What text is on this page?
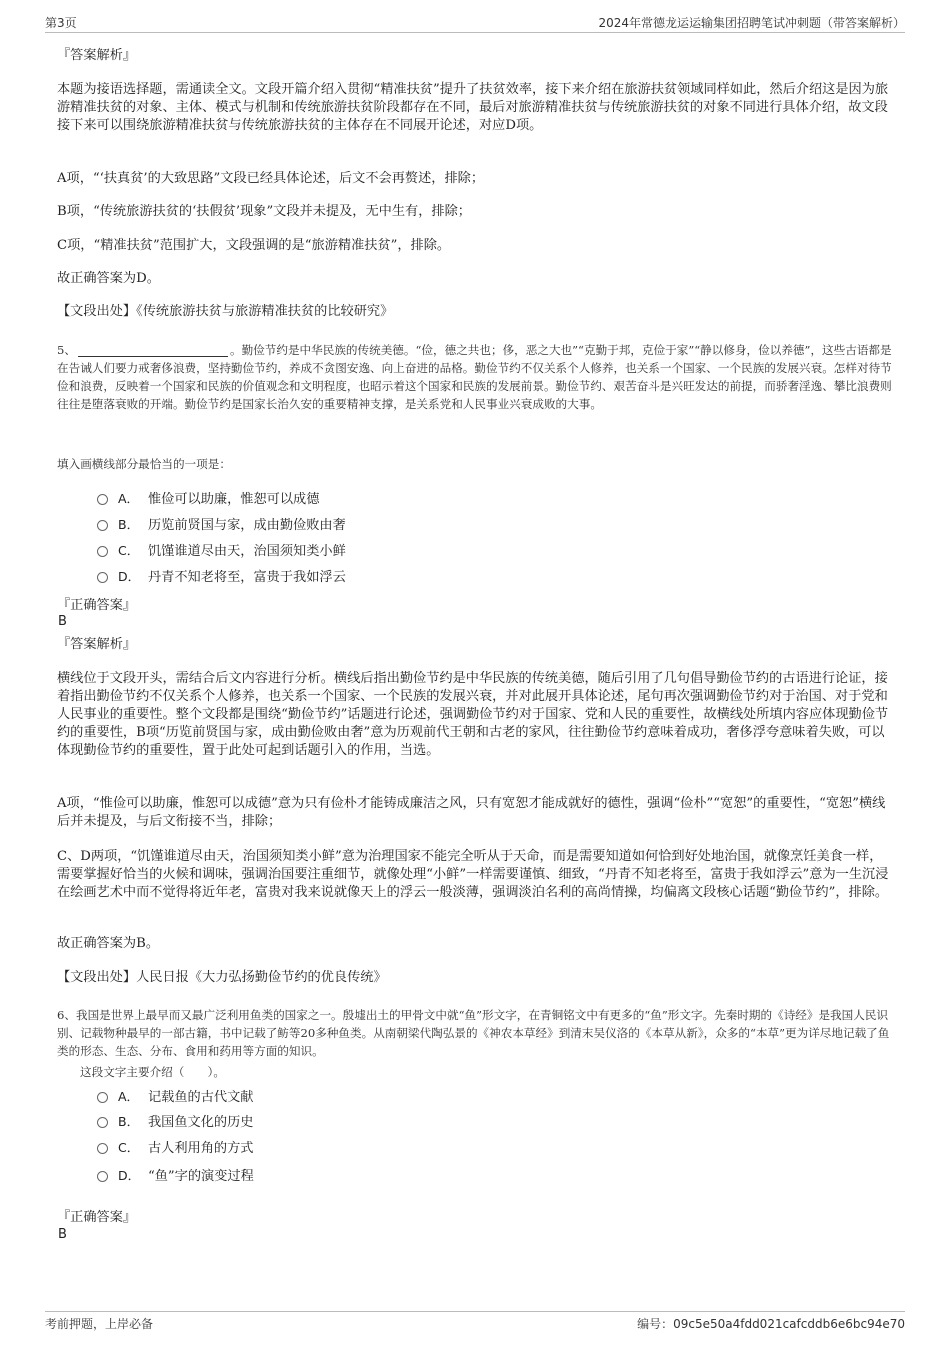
第3页	2024年常德龙运运输集团招聘笔试冲刺题（带答案解析）
『答案解析』

本题为接语选择题，需通读全文。文段开篇介绍入贯彻“精准扶贫”提升了扶贫效率，接下来介绍在旅游扶贫领域同样如此，然后介绍这是因为旅游精准扶贫的对象、主体、模式与机制和传统旅游扶贫阶段都存在不同，最后对旅游精准扶贫与传统旅游扶贫的对象不同进行具体介绍，故文段接下来可以围绕旅游精准扶贫与传统旅游扶贫的主体存在不同展开论述，对应D项。

A项，“‘扶真贫’的大致思路”文段已经具体论述，后文不会再赘述，排除；

B项，“传统旅游扶贫的‘扶假贫’现象”文段并未提及，无中生有，排除；

C项，“精准扶贫”范围扩大，文段强调的是“旅游精准扶贫”，排除。

故正确答案为D。

【文段出处】《传统旅游扶贫与旅游精准扶贫的比较研究》

5、	。勤俭节约是中华民族的传统美德。“俭，德之共也；侈，恶之大也”“克勤于邦，克俭于家”“静以修身，俭以养德”，这些古语都是在告诫人们要力戒奢侈浪费，坚持勤俭节约，养成不贪图安逸、向上奋进的品格。勤俭节约不仅关系个人修养，也关系一个国家、一个民族的发展兴衰。怎样对待节俭和浪费，反映着一个国家和民族的价值观念和文明程度，也昭示着这个国家和民族的发展前景。勤俭节约、艰苦奋斗是兴旺发达的前提，而骄奢淫逸、攀比浪费则往往是堕落衰败的开端。勤俭节约是国家长治久安的重要精神支撑，是关系党和人民事业兴衰成败的大事。

填入画横线部分最恰当的一项是：

A． 惟俭可以助廉，惟恕可以成德
B． 历览前贤国与家，成由勤俭败由奢
C． 饥馑谁道尽由天，治国须知类小鲜
D． 丹青不知老将至，富贵于我如浮云
『正确答案』
B
『答案解析』

横线位于文段开头，需结合后文内容进行分析。横线后指出勤俭节约是中华民族的传统美德，随后引用了几句倡导勤俭节约的古语进行论证，接着指出勤俭节约不仅关系个人修养，也关系一个国家、一个民族的发展兴衰，并对此展开具体论述，尾句再次强调勤俭节约对于治国、对于党和人民事业的重要性。整个文段都是围绕“勤俭节约”话题进行论述，强调勤俭节约对于国家、党和人民的重要性，故横线处所填内容应体现勤俭节约的重要性，B项“历览前贤国与家，成由勤俭败由奢”意为历观前代王朝和古老的家风，往往勤俭节约意味着成功，奢侈浮夸意味着失败，可以体现勤俭节约的重要性，置于此处可起到话题引入的作用，当选。

A项，“惟俭可以助廉，惟恕可以成德”意为只有俭朴才能铸成廉洁之风，只有宽恕才能成就好的德性，强调“俭朴”“宽恕”的重要性，“宽恕”横线后并未提及，与后文衔接不当，排除；

C、D两项，“饥馑谁道尽由天，治国须知类小鲜”意为治理国家不能完全听从于天命，而是需要知道如何恰到好处地治国，就像烹饪美食一样，需要掌握好恰当的火候和调味，强调治国要注重细节，就像处理“小鲜”一样需要谨慎、细致，“丹青不知老将至，富贵于我如浮云”意为一生沉浸在绘画艺术中而不觉得将近年老，富贵对我来说就像天上的浮云一般淡薄，强调淡泊名利的高尚情操，均偏离文段核心话题“勤俭节约”，排除。

故正确答案为B。

【文段出处】人民日报《大力弘扬勤俭节约的优良传统》

6、我国是世界上最早而又最广泛利用鱼类的国家之一。殷墟出土的甲骨文中就“鱼”形文字，在青铜铭文中有更多的“鱼”形文字。先秦时期的《诗经》是我国人民识别、记载物种最早的一部古籍，书中记载了鲂等20多种鱼类。从南朝梁代陶弘景的《神农本草经》到清末吴仪洛的《本草从新》，众多的“本草”更为详尽地记载了鱼类的形态、生态、分布、食用和药用等方面的知识。

这段文字主要介绍（　　）。
A． 记载鱼的古代文献
B． 我国鱼文化的历史
C． 古人利用角的方式
D． “鱼”字的演变过程
『正确答案』
B
考前押题，上岸必备	编号：09c5e50a4fdd021cafcddb6e6bc94e70
